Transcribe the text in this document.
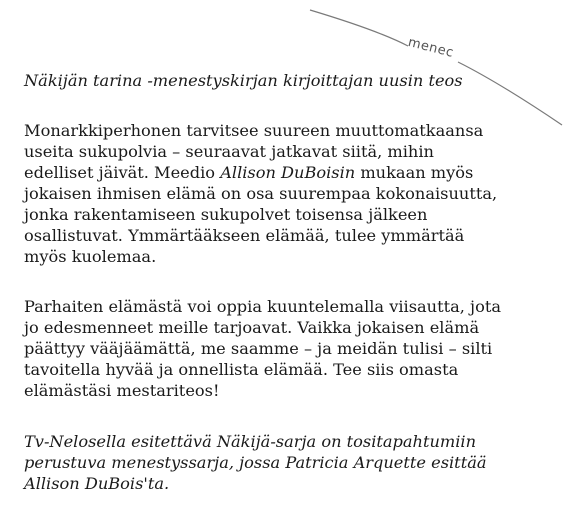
menec
Näkijän tarina -menestyskirjan kirjoittajan uusin teos
Monarkkiperhonen tarvitsee suureen muuttomatkaansa
useita sukupolvia – seuraavat jatkavat siitä, mihin
edelliset jäivät. Meedio Allison DuBoisin mukaan myös
jokaisen ihmisen elämä on osa suurempaa kokonaisuutta,
jonka rakentamiseen sukupolvet toisensa jälkeen
osallistuvat. Ymmärtääkseen elämää, tulee ymmärtää
myös kuolemaa.
Parhaiten elämästä voi oppia kuuntelemalla viisautta, jota
jo edesmenneet meille tarjoavat. Vaikka jokaisen elämä
päättyy vääjäämättä, me saamme – ja meidän tulisi – silti
tavoitella hyvää ja onnellista elämää. Tee siis omasta
elämästäsi mestariteos!
Tv-Nelosella esitettävä Näkijä-sarja on tositapahtumiin
perustuva menestyssarja, jossa Patricia Arquette esittää
Allison DuBois'ta.
